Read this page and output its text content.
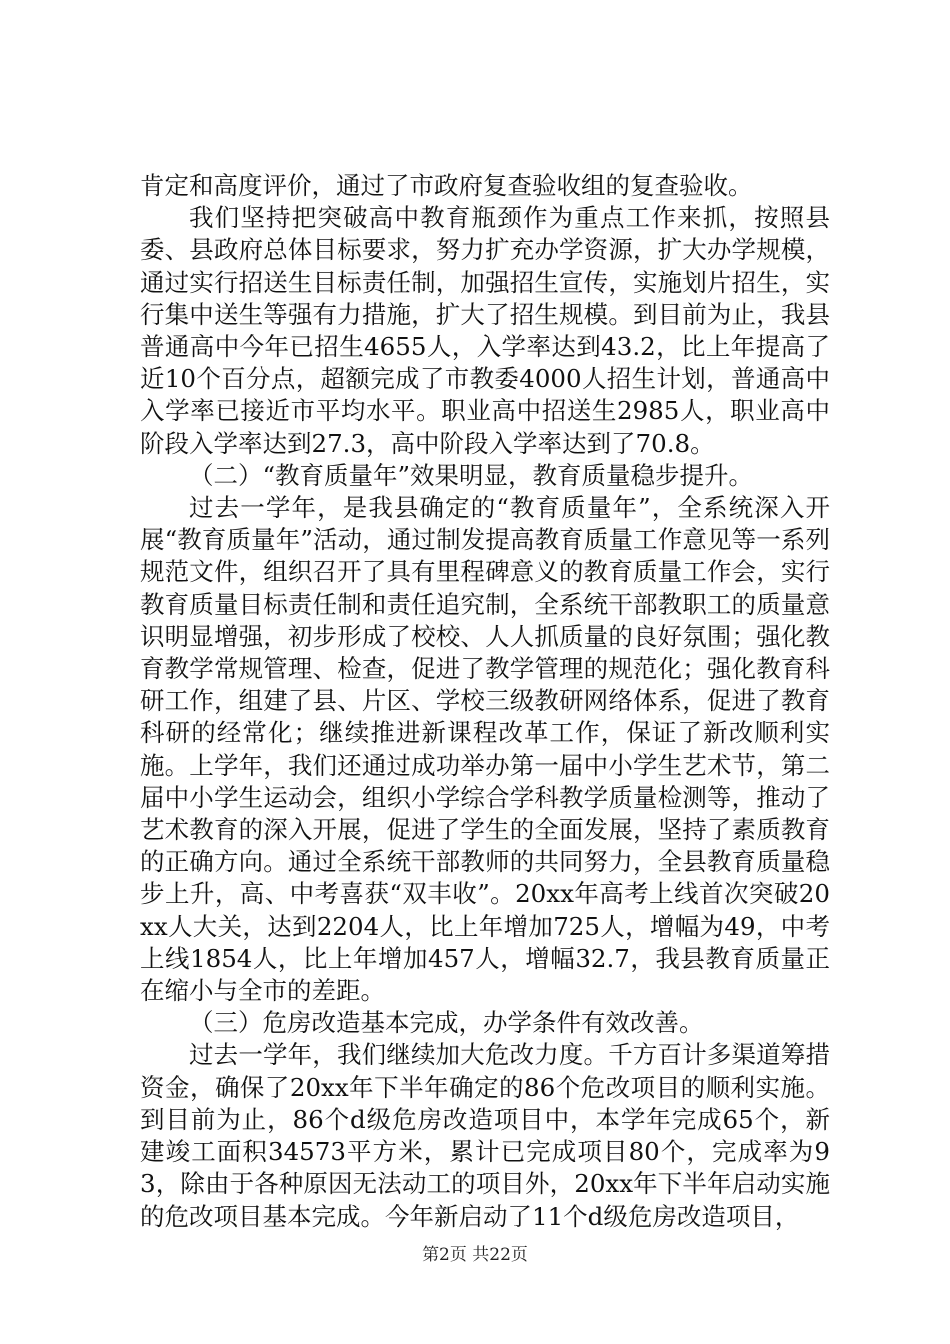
肯定和高度评价，通过了市政府复查验收组的复查验收。

我们坚持把突破高中教育瓶颈作为重点工作来抓，按照县委、县政府总体目标要求，努力扩充办学资源，扩大办学规模，通过实行招送生目标责任制，加强招生宣传，实施划片招生，实行集中送生等强有力措施，扩大了招生规模。到目前为止，我县普通高中今年已招生4655人，入学率达到43.2，比上年提高了近10个百分点，超额完成了市教委4000人招生计划，普通高中入学率已接近市平均水平。职业高中招送生2985人，职业高中阶段入学率达到27.3，高中阶段入学率达到了70.8。

（二）“教育质量年”效果明显，教育质量稳步提升。

过去一学年，是我县确定的“教育质量年”，全系统深入开展“教育质量年”活动，通过制发提高教育质量工作意见等一系列规范文件，组织召开了具有里程碑意义的教育质量工作会，实行教育质量目标责任制和责任追究制，全系统干部教职工的质量意识明显增强，初步形成了校校、人人抓质量的良好氛围；强化教育教学常规管理、检查，促进了教学管理的规范化；强化教育科研工作，组建了县、片区、学校三级教研网络体系，促进了教育科研的经常化；继续推进新课程改革工作，保证了新改顺利实施。上学年，我们还通过成功举办第一届中小学生艺术节，第二届中小学生运动会，组织小学综合学科教学质量检测等，推动了艺术教育的深入开展，促进了学生的全面发展，坚持了素质教育的正确方向。通过全系统干部教师的共同努力，全县教育质量稳步上升，高、中考喜获“双丰收”。20xx年高考上线首次突破20xx人大关，达到2204人，比上年增加725人，增幅为49，中考上线1854人，比上年增加457人，增幅32.7，我县教育质量正在缩小与全市的差距。

（三）危房改造基本完成，办学条件有效改善。

过去一学年，我们继续加大危改力度。千方百计多渠道筹措资金，确保了20xx年下半年确定的86个危改项目的顺利实施。到目前为止，86个d级危房改造项目中，本学年完成65个，新建竣工面积34573平方米，累计已完成项目80个，完成率为93，除由于各种原因无法动工的项目外，20xx年下半年启动实施的危改项目基本完成。今年新启动了11个d级危房改造项目，

第2页 共22页
